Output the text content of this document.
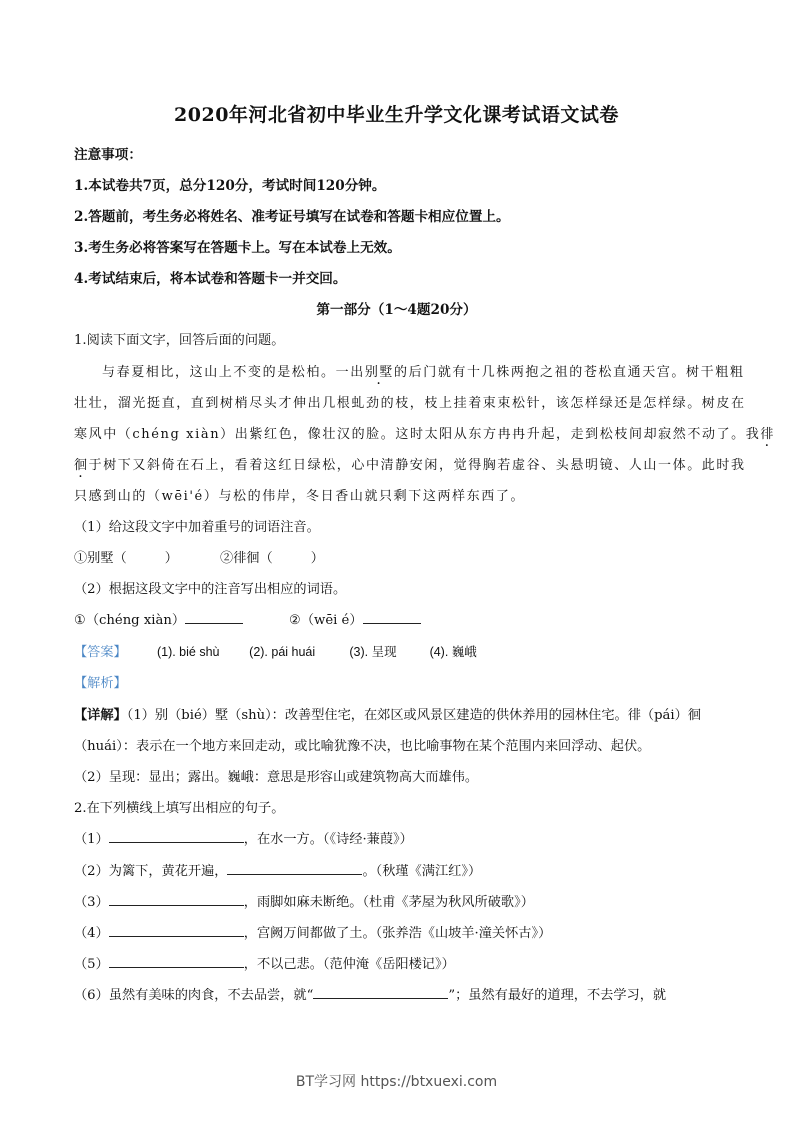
2020年河北省初中毕业生升学文化课考试语文试卷
注意事项：
1.本试卷共7页，总分120分，考试时间120分钟。
2.答题前，考生务必将姓名、准考证号填写在试卷和答题卡相应位置上。
3.考生务必将答案写在答题卡上。写在本试卷上无效。
4.考试结束后，将本试卷和答题卡一并交回。
第一部分（1～4题20分）
1.阅读下面文字，回答后面的问题。
与春夏相比，这山上不变的是松柏。一出别墅的后门就有十几株两抱之祖的苍松直通天宫。树干粗粗
壮壮，溜光挺直，直到树梢尽头才伸出几根虬劲的枝，枝上挂着束束松针，该怎样绿还是怎样绿。树皮在
寒风中（chéng xiàn）出紫红色，像壮汉的脸。这时太阳从东方冉冉升起，走到松枝间却寂然不动了。我徘
徊于树下又斜倚在石上，看着这红日绿松，心中清静安闲，觉得胸若虚谷、头悬明镜、人山一体。此时我
只感到山的（wēi'é）与松的伟岸，冬日香山就只剩下这两样东西了。
（1）给这段文字中加着重号的词语注音。
①别墅（	）	②徘徊（	）
（2）根据这段文字中的注音写出相应的词语。
①（chéng xiàn）	②（wēi é）
【答案】 (1). bié shù (2). pái huái	(3). 呈现	(4). 巍峨
【解析】
【详解】（1）别（bié）墅（shù）：改善型住宅，在郊区或风景区建造的供休养用的园林住宅。徘（pái）徊
（huái）：表示在一个地方来回走动，或比喻犹豫不决，也比喻事物在某个范围内来回浮动、起伏。
（2）呈现：显出；露出。巍峨：意思是形容山或建筑物高大而雄伟。
2.在下列横线上填写出相应的句子。
（1）	，在水一方。（《诗经·蒹葭》）
（2）为篱下，黄花开遍，	。（秋瑾《满江红》）
（3）	，雨脚如麻未断绝。（杜甫《茅屋为秋风所破歌》）
（4）	，宫阙万间都做了土。（张养浩《山坡羊·潼关怀古》）
（5）	，不以己悲。（范仲淹《岳阳楼记》）
（6）虽然有美味的肉食，不去品尝，就“	”；虽然有最好的道理，不去学习，就
BT学习网 https://btxuexi.com
